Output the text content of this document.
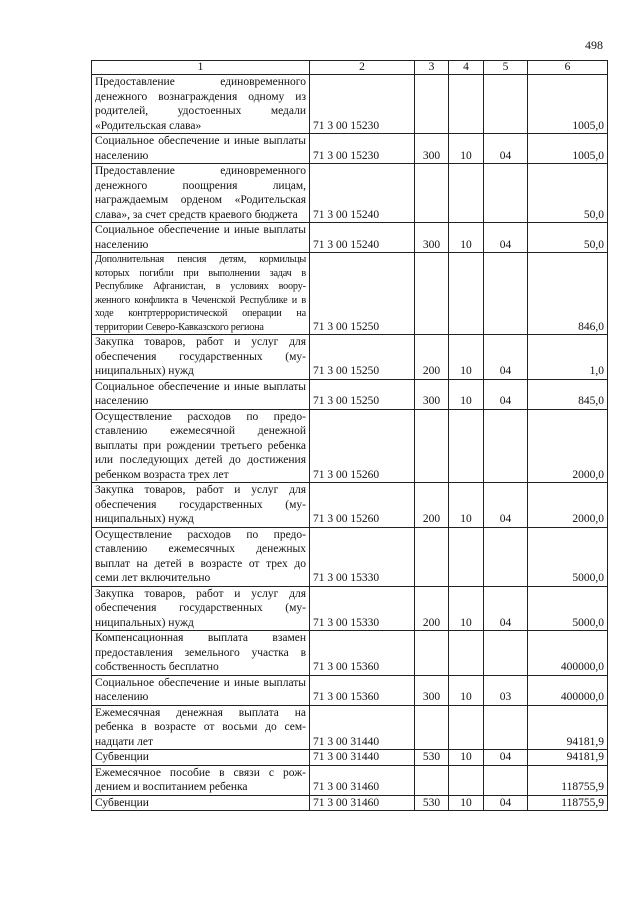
498
1	2	3	4	5	6
Предоставление единовременного денежного вознаграждения одному из родителей, удостоенных медали «Родительская слава»	71 3 00 15230				1005,0
Социальное обеспечение и иные выплаты населению	71 3 00 15230	300	10	04	1005,0
Предоставление единовременного денежного поощрения лицам, награждаемым орденом «Родительская слава», за счет средств краевого бюджета	71 3 00 15240				50,0
Социальное обеспечение и иные выплаты населению	71 3 00 15240	300	10	04	50,0
Дополнительная пенсия детям, кормильцы которых погибли при выполнении задач в Республике Афганистан, в условиях вооруженного конфликта в Чеченской Республике и в ходе контртеррористической операции на территории Северо-Кавказского региона	71 3 00 15250				846,0
Закупка товаров, работ и услуг для обеспечения государственных (муниципальных) нужд	71 3 00 15250	200	10	04	1,0
Социальное обеспечение и иные выплаты населению	71 3 00 15250	300	10	04	845,0
Осуществление расходов по предоставлению ежемесячной денежной выплаты при рождении третьего ребенка или последующих детей до достижения ребенком возраста трех лет	71 3 00 15260				2000,0
Закупка товаров, работ и услуг для обеспечения государственных (муниципальных) нужд	71 3 00 15260	200	10	04	2000,0
Осуществление расходов по предоставлению ежемесячных денежных выплат на детей в возрасте от трех до семи лет включительно	71 3 00 15330				5000,0
Закупка товаров, работ и услуг для обеспечения государственных (муниципальных) нужд	71 3 00 15330	200	10	04	5000,0
Компенсационная выплата взамен предоставления земельного участка в собственность бесплатно	71 3 00 15360				400000,0
Социальное обеспечение и иные выплаты населению	71 3 00 15360	300	10	03	400000,0
Ежемесячная денежная выплата на ребенка в возрасте от восьми до семнадцати лет	71 3 00 31440				94181,9
Субвенции	71 3 00 31440	530	10	04	94181,9
Ежемесячное пособие в связи с рождением и воспитанием ребенка	71 3 00 31460				118755,9
Субвенции	71 3 00 31460	530	10	04	118755,9
